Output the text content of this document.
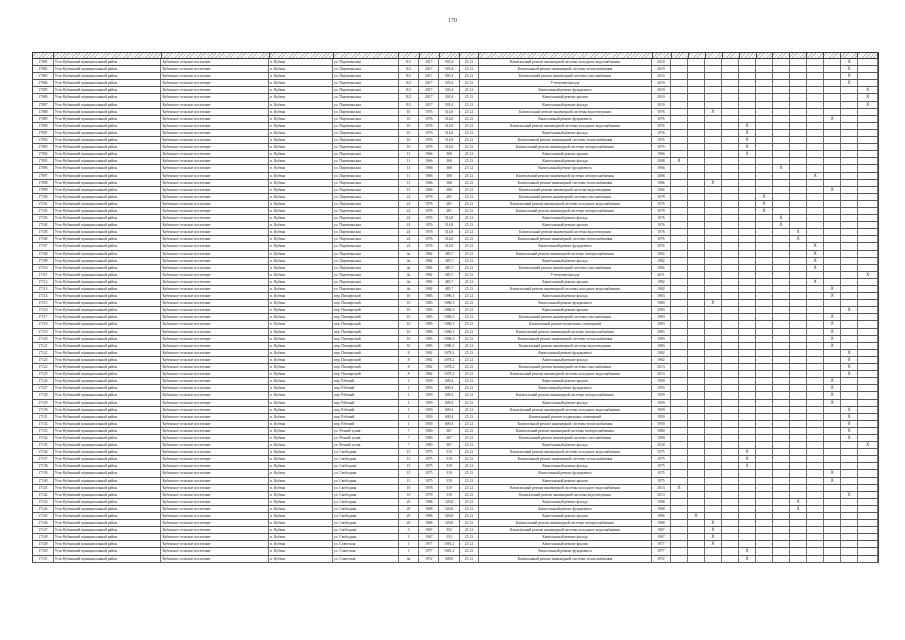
170
17081	Усть-Кубинский муниципальный район	Кубенское сельское поселение	п. Кубена	ул. Партизанская	8/2	2017	505,4	25.12	Капитальный ремонт инженерной системы холодного водоснабжения	2019	X
17082	Усть-Кубинский муниципальный район	Кубенское сельское поселение	п. Кубена	ул. Партизанская	8/2	2017	505,4	25.12	Капитальный ремонт инженерной системы теплоснабжения	2019	X
17083	Усть-Кубинский муниципальный район	Кубенское сельское поселение	п. Кубена	ул. Партизанская	8/2	2017	505,4	25.12	Капитальный ремонт инженерной системы газоснабжения	2019	X
17084	Усть-Кубинский муниципальный район	Кубенское сельское поселение	п. Кубена	ул. Партизанская	8/2	2017	505,4	25.12	Утепление фасада	2019	X
17085	Усть-Кубинский муниципальный район	Кубенское сельское поселение	п. Кубена	ул. Партизанская	8/2	2017	505,4	25.12	Капитальный ремонт фундамента	2019	X
17086	Усть-Кубинский муниципальный район	Кубенское сельское поселение	п. Кубена	ул. Партизанская	8/2	2017	505,4	25.12	Капитальный ремонт крыши	2019	X
17087	Усть-Кубинский муниципальный район	Кубенское сельское поселение	п. Кубена	ул. Партизанская	8/2	2017	505,4	25.12	Капитальный ремонт фасада	2019	X
17088	Усть-Кубинский муниципальный район	Кубенское сельское поселение	п. Кубена	ул. Партизанская	10	1976	514,8	25.12	Капитальный ремонт инженерной системы водоотведения	1976	X
17089	Усть-Кубинский муниципальный район	Кубенское сельское поселение	п. Кубена	ул. Партизанская	10	1976	514,8	25.12	Капитальный ремонт фундамента	1976	X
17090	Усть-Кубинский муниципальный район	Кубенское сельское поселение	п. Кубена	ул. Партизанская	10	1976	514,8	25.12	Капитальный ремонт инженерной системы холодного водоснабжения	1976	X
17091	Усть-Кубинский муниципальный район	Кубенское сельское поселение	п. Кубена	ул. Партизанская	10	1976	514,8	25.12	Капитальный ремонт фасада	1976	X
17092	Усть-Кубинский муниципальный район	Кубенское сельское поселение	п. Кубена	ул. Партизанская	10	1976	514,8	25.12	Капитальный ремонт инженерной системы теплоснабжения	1976	X
17093	Усть-Кубинский муниципальный район	Кубенское сельское поселение	п. Кубена	ул. Партизанская	10	1976	514,8	25.12	Капитальный ремонт инженерной системы электроснабжения	1976	X
17094	Усть-Кубинский муниципальный район	Кубенское сельское поселение	п. Кубена	ул. Партизанская	11	1966	368	25.12	Капитальный ремонт крыши	1966	X
17095	Усть-Кубинский муниципальный район	Кубенское сельское поселение	п. Кубена	ул. Партизанская	11	1966	368	25.12	Капитальный ремонт фасада	2008	X
17096	Усть-Кубинский муниципальный район	Кубенское сельское поселение	п. Кубена	ул. Партизанская	11	1966	368	25.12	Капитальный ремонт фундамента	1966	X
17097	Усть-Кубинский муниципальный район	Кубенское сельское поселение	п. Кубена	ул. Партизанская	11	1966	368	25.12	Капитальный ремонт инженерной системы электроснабжения	2008	X
17098	Усть-Кубинский муниципальный район	Кубенское сельское поселение	п. Кубена	ул. Партизанская	13	1966	368	25.12	Капитальный ремонт инженерной системы теплоснабжения	1966	X
17099	Усть-Кубинский муниципальный район	Кубенское сельское поселение	п. Кубена	ул. Партизанская	13	1966	368	25.12	Капитальный ремонт инженерной системы водоотведения	1966	X
17100	Усть-Кубинский муниципальный район	Кубенское сельское поселение	п. Кубена	ул. Партизанская	22	1978	281	25.12	Капитальный ремонт инженерной системы газоснабжения	1978	X
17101	Усть-Кубинский муниципальный район	Кубенское сельское поселение	п. Кубена	ул. Партизанская	22	1978	281	25.12	Капитальный ремонт инженерной системы холодного водоснабжения	1978	X
17102	Усть-Кубинский муниципальный район	Кубенское сельское поселение	п. Кубена	ул. Партизанская	22	1978	281	25.12	Капитальный ремонт инженерной системы электроснабжения	1978	X
17103	Усть-Кубинский муниципальный район	Кубенское сельское поселение	п. Кубена	ул. Партизанская	24	1976	514,8	25.12	Капитальный ремонт фасада	1976	X
17104	Усть-Кубинский муниципальный район	Кубенское сельское поселение	п. Кубена	ул. Партизанская	24	1976	514,8	25.12	Капитальный ремонт крыши	1976	X
17105	Усть-Кубинский муниципальный район	Кубенское сельское поселение	п. Кубена	ул. Партизанская	24	1976	514,8	25.12	Капитальный ремонт инженерной системы водоотведения	1976	X
17106	Усть-Кубинский муниципальный район	Кубенское сельское поселение	п. Кубена	ул. Партизанская	24	1976	514,8	25.12	Капитальный ремонт инженерной системы теплоснабжения	1976	X
17107	Усть-Кубинский муниципальный район	Кубенское сельское поселение	п. Кубена	ул. Партизанская	24	1976	514,8	25.12	Капитальный ремонт фундамента	1976	X
17108	Усть-Кубинский муниципальный район	Кубенское сельское поселение	п. Кубена	ул. Партизанская	4а	1982	485,7	25.12	Капитальный ремонт инженерной системы электроснабжения	1982	X
17109	Усть-Кубинский муниципальный район	Кубенское сельское поселение	п. Кубена	ул. Партизанская	4а	1982	485,7	25.12	Капитальный ремонт фасада	1982	X
17110	Усть-Кубинский муниципальный район	Кубенское сельское поселение	п. Кубена	ул. Партизанская	4а	1982	485,7	25.12	Капитальный ремонт инженерной системы газоснабжения	1982	X
17111	Усть-Кубинский муниципальный район	Кубенское сельское поселение	п. Кубена	ул. Партизанская	4а	1982	485,7	25.12	Утепление фасада	2011	X
17112	Усть-Кубинский муниципальный район	Кубенское сельское поселение	п. Кубена	ул. Партизанская	4а	1982	485,7	25.12	Капитальный ремонт крыши	1982	X
17113	Усть-Кубинский муниципальный район	Кубенское сельское поселение	п. Кубена	ул. Партизанская	4а	1982	485,7	25.12	Капитальный ремонт инженерной системы холодного водоснабжения	1982	X
17114	Усть-Кубинский муниципальный район	Кубенское сельское поселение	п. Кубена	пер. Пионерский	10	1983	1096,3	25.12	Капитальный ремонт фасада	1983	X
17115	Усть-Кубинский муниципальный район	Кубенское сельское поселение	п. Кубена	пер. Пионерский	10	1983	1096,3	25.12	Капитальный ремонт фундамента	1983	X
17116	Усть-Кубинский муниципальный район	Кубенское сельское поселение	п. Кубена	пер. Пионерский	10	1983	1096,3	25.12	Капитальный ремонт крыши	1983	X
17117	Усть-Кубинский муниципальный район	Кубенское сельское поселение	п. Кубена	пер. Пионерский	10	1983	1096,3	25.12	Капитальный ремонт инженерной системы газоснабжения	1983	X
17118	Усть-Кубинский муниципальный район	Кубенское сельское поселение	п. Кубена	пер. Пионерский	10	1983	1096,3	25.12	Капитальный ремонт подвальных помещений	1983	X
17119	Усть-Кубинский муниципальный район	Кубенское сельское поселение	п. Кубена	пер. Пионерский	10	1983	1096,3	25.12	Капитальный ремонт инженерной системы электроснабжения	1983	X
17120	Усть-Кубинский муниципальный район	Кубенское сельское поселение	п. Кубена	пер. Пионерский	10	1983	1096,3	25.12	Капитальный ремонт инженерной системы теплоснабжения	1983	X
17121	Усть-Кубинский муниципальный район	Кубенское сельское поселение	п. Кубена	пер. Пионерский	10	1983	1096,3	25.12	Капитальный ремонт инженерной системы водоотведения	1983	X
17122	Усть-Кубинский муниципальный район	Кубенское сельское поселение	п. Кубена	пер. Пионерский	8	1982	1078,2	25.12	Капитальный ремонт фундамента	1982	X
17123	Усть-Кубинский муниципальный район	Кубенское сельское поселение	п. Кубена	пер. Пионерский	8	1982	1078,2	25.12	Капитальный ремонт фасада	1982	X
17124	Усть-Кубинский муниципальный район	Кубенское сельское поселение	п. Кубена	пер. Пионерский	8	1982	1078,2	25.12	Капитальный ремонт инженерной системы газоснабжения	2013	X
17125	Усть-Кубинский муниципальный район	Кубенское сельское поселение	п. Кубена	пер. Пионерский	8	1982	1078,2	25.12	Капитальный ремонт инженерной системы холодного водоснабжения	2013	X
17126	Усть-Кубинский муниципальный район	Кубенское сельское поселение	п. Кубена	пер. Рабочий	1	1959	609,4	25.12	Капитальный ремонт крыши	1959	X
17127	Усть-Кубинский муниципальный район	Кубенское сельское поселение	п. Кубена	пер. Рабочий	1	1959	609,4	25.12	Капитальный ремонт фундамента	1959	X
17128	Усть-Кубинский муниципальный район	Кубенское сельское поселение	п. Кубена	пер. Рабочий	1	1959	609,4	25.12	Капитальный ремонт инженерной системы электроснабжения	1959	X
17129	Усть-Кубинский муниципальный район	Кубенское сельское поселение	п. Кубена	пер. Рабочий	1	1959	609,4	25.12	Капитальный ремонт фасада	1959	X
17130	Усть-Кубинский муниципальный район	Кубенское сельское поселение	п. Кубена	пер. Рабочий	1	1959	609,4	25.12	Капитальный ремонт инженерной системы холодного водоснабжения	1959	X
17131	Усть-Кубинский муниципальный район	Кубенское сельское поселение	п. Кубена	пер. Рабочий	1	1959	609,4	25.12	Капитальный ремонт подвальных помещений	1959	X
17132	Усть-Кубинский муниципальный район	Кубенское сельское поселение	п. Кубена	пер. Рабочий	1	1959	609,4	25.12	Капитальный ремонт инженерной системы теплоснабжения	1959	X
17133	Усть-Кубинский муниципальный район	Кубенское сельское поселение	п. Кубена	ул. Речной тупик	7	1980	367	25.12	Капитальный ремонт инженерной системы электроснабжения	1980	X
17134	Усть-Кубинский муниципальный район	Кубенское сельское поселение	п. Кубена	ул. Речной тупик	7	1980	367	25.12	Капитальный ремонт инженерной системы газоснабжения	1980	X
17135	Усть-Кубинский муниципальный район	Кубенское сельское поселение	п. Кубена	ул. Речной тупик	7	1980	367	25.12	Капитальный ремонт фасада	2018	X
17136	Усть-Кубинский муниципальный район	Кубенское сельское поселение	п. Кубена	ул. Свободная	15	1975	519	25.12	Капитальный ремонт инженерной системы холодного водоснабжения	1975	X
17137	Усть-Кубинский муниципальный район	Кубенское сельское поселение	п. Кубена	ул. Свободная	15	1975	519	25.12	Капитальный ремонт инженерной системы теплоснабжения	1975	X
17138	Усть-Кубинский муниципальный район	Кубенское сельское поселение	п. Кубена	ул. Свободная	15	1975	519	25.12	Капитальный ремонт фасада	1975	X
17139	Усть-Кубинский муниципальный район	Кубенское сельское поселение	п. Кубена	ул. Свободная	15	1975	519	25.12	Капитальный ремонт фундамента	1975	X
17140	Усть-Кубинский муниципальный район	Кубенское сельское поселение	п. Кубена	ул. Свободная	15	1975	519	25.12	Капитальный ремонт крыши	1975	X
17141	Усть-Кубинский муниципальный район	Кубенское сельское поселение	п. Кубена	ул. Свободная	16	1978	519	25.12	Капитальный ремонт инженерной системы холодного водоснабжения	2013	X
17142	Усть-Кубинский муниципальный район	Кубенское сельское поселение	п. Кубена	ул. Свободная	16	1978	519	25.12	Капитальный ремонт инженерной системы водоотведения	2013	X
17143	Усть-Кубинский муниципальный район	Кубенское сельское поселение	п. Кубена	ул. Свободная	20	1968	526,8	25.12	Капитальный ремонт фасада	1968	X
17144	Усть-Кубинский муниципальный район	Кубенское сельское поселение	п. Кубена	ул. Свободная	20	1968	526,8	25.12	Капитальный ремонт фундамента	1968	X
17145	Усть-Кубинский муниципальный район	Кубенское сельское поселение	п. Кубена	ул. Свободная	20	1968	526,8	25.12	Капитальный ремонт крыши	1968	X
17146	Усть-Кубинский муниципальный район	Кубенское сельское поселение	п. Кубена	ул. Свободная	20	1968	526,8	25.12	Капитальный ремонт инженерной системы электроснабжения	1968	X
17147	Усть-Кубинский муниципальный район	Кубенское сельское поселение	п. Кубена	ул. Свободная	3	1967	552	25.12	Капитальный ремонт инженерной системы холодного водоснабжения	1967	X
17148	Усть-Кубинский муниципальный район	Кубенское сельское поселение	п. Кубена	ул. Свободная	3	1967	552	25.12	Капитальный ремонт фасада	1967	X
17149	Усть-Кубинский муниципальный район	Кубенское сельское поселение	п. Кубена	ул. Советская	1	1977	1081,2	25.12	Капитальный ремонт крыши	1977	X
17150	Усть-Кубинский муниципальный район	Кубенское сельское поселение	п. Кубена	ул. Советская	1	1977	1081,2	25.12	Капитальный ремонт фундамента	1977	X
17151	Усть-Кубинский муниципальный район	Кубенское сельское поселение	п. Кубена	ул. Советская	4а	1972	498,0	25.12	Капитальный ремонт инженерной системы теплоснабжения	1972	X
